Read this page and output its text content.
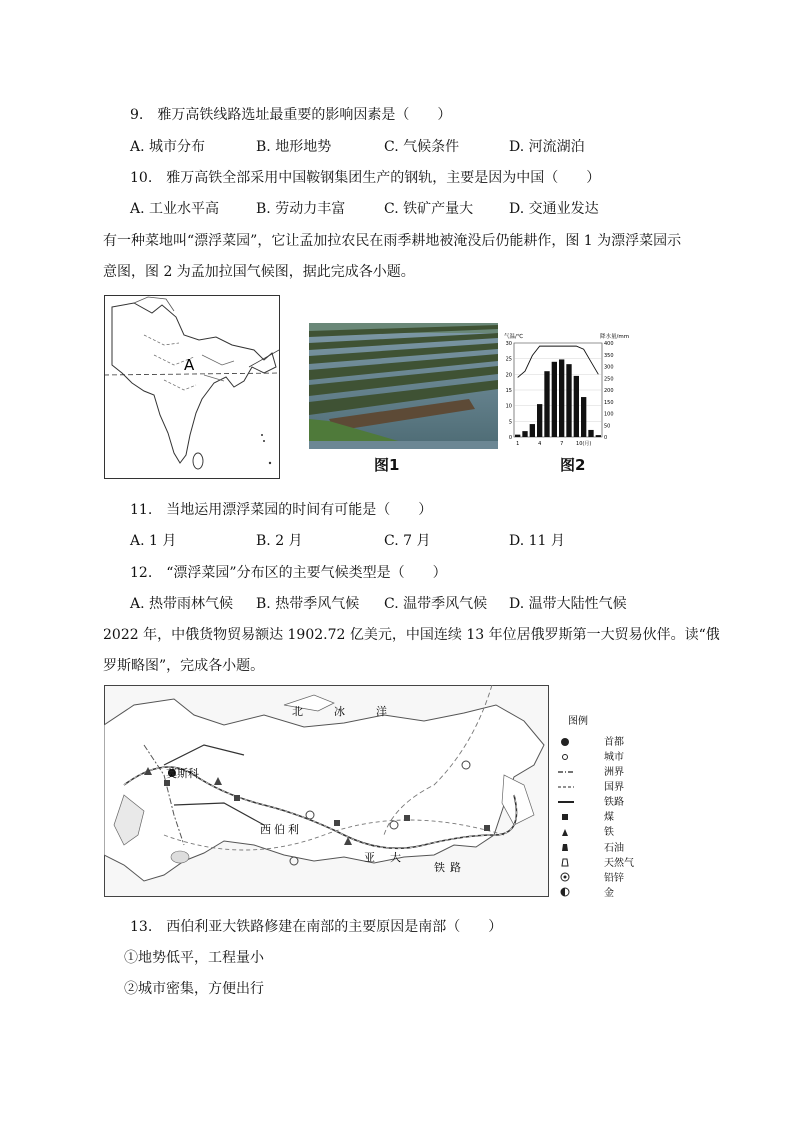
9.　雅万高铁线路选址最重要的影响因素是（　　）
A. 城市分布	B. 地形地势	C. 气候条件	D. 河流湖泊
10.　雅万高铁全部采用中国鞍钢集团生产的钢轨，主要是因为中国（　　）
A. 工业水平高	B. 劳动力丰富	C. 铁矿产量大	D. 交通业发达
有一种菜地叫“漂浮菜园”，它让孟加拉农民在雨季耕地被淹没后仍能耕作，图 1 为漂浮菜园示
意图，图 2 为孟加拉国气候图，据此完成各小题。
A
图1
气温/℃	降水量/mm
0
5
10
15
20
25
30
0
50
100
150
200
250
300
350
400
1	4	7	10(月)
图2
11.　当地运用漂浮菜园的时间有可能是（　　）
A. 1 月	B. 2 月	C. 7 月	D. 11 月
12.　“漂浮菜园”分布区的主要气候类型是（　　）
A. 热带雨林气候 B. 热带季风气候 C. 温带季风气候 D. 温带大陆性气候
2022 年，中俄货物贸易额达 1902.72 亿美元，中国连续 13 年位居俄罗斯第一大贸易伙伴。读“俄
罗斯略图”，完成各小题。
北	冰	洋
莫斯科
西 伯 利
亚 大
铁 路
图例
首都
城市
洲界
国界
铁路
煤
铁
石油
天然气
铅锌
金
13.　西伯利亚大铁路修建在南部的主要原因是南部（　　）
①地势低平，工程量小
②城市密集，方便出行
